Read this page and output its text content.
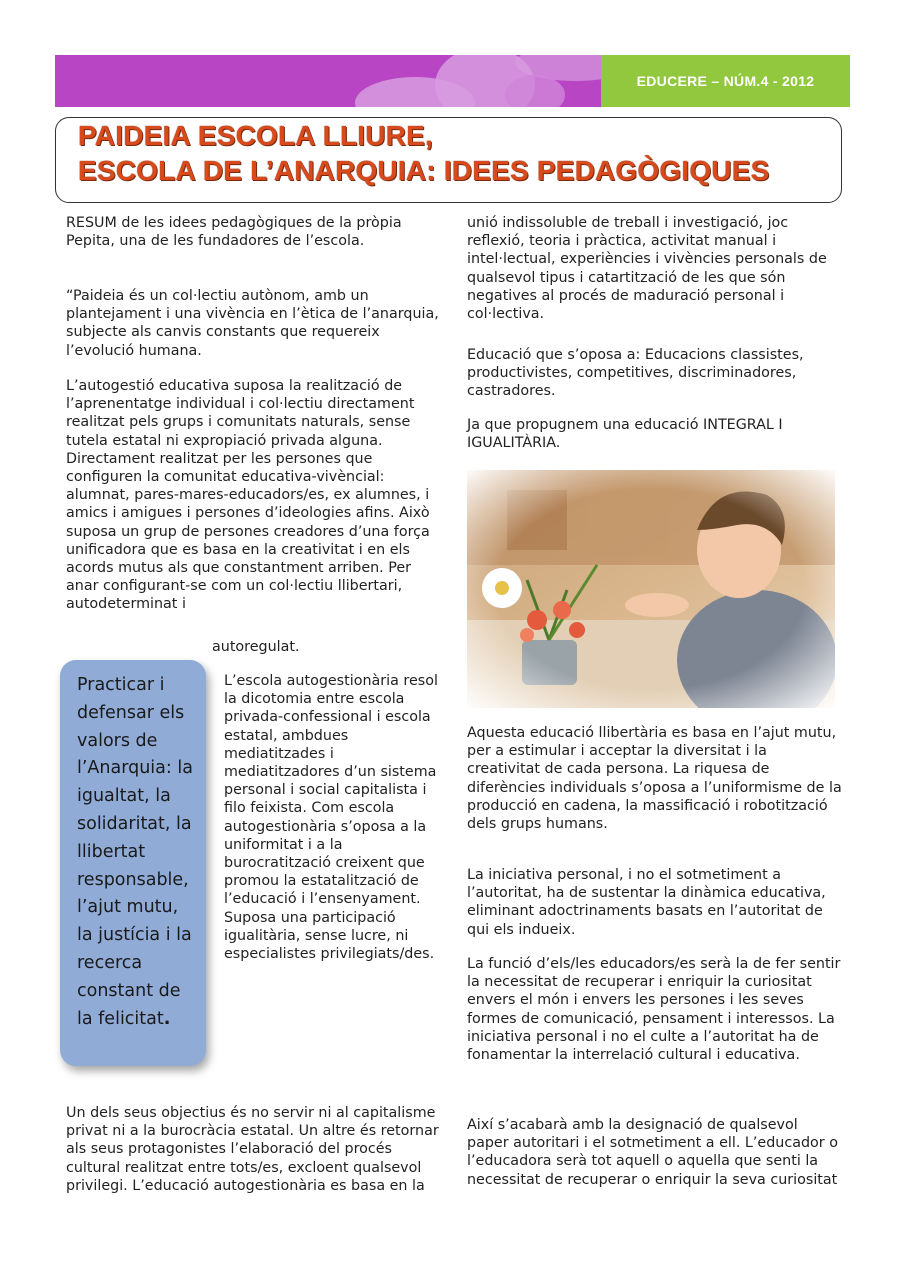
EDUCERE – NÚM.4 - 2012
PAIDEIA ESCOLA LLIURE,
ESCOLA DE L’ANARQUIA: IDEES PEDAGÒGIQUES

RESUM de les idees pedagògiques de la pròpia Pepita, una de les fundadores de l’escola.

“Paideia és un col·lectiu autònom, amb un plantejament i una vivència en l’ètica de l’anarquia, subjecte als canvis constants que requereix l’evolució humana.

L’autogestió educativa suposa la realització de l’aprenentatge individual i col·lectiu directament realitzat pels grups i comunitats naturals, sense tutela estatal ni expropiació privada alguna. Directament realitzat per les persones que configuren la comunitat educativa-vivèncial: alumnat, pares-mares-educadors/es, ex alumnes, i amics i amigues i persones d’ideologies afins. Això suposa un grup de persones creadores d’una força unificadora que es basa en la creativitat i en els acords mutus als que constantment arriben. Per anar configurant-se com un col·lectiu llibertari, autodeterminat i

autoregulat.

Practicar i defensar els valors de l’Anarquia: la igualtat, la solidaritat, la llibertat responsable, l’ajut mutu, la justícia i la recerca constant de la felicitat.

L’escola autogestionària resol la dicotomia entre escola privada-confessional i escola estatal, ambdues mediatitzades i mediatitzadores d’un sistema personal i social capitalista i filo feixista. Com escola autogestionària s’oposa a la uniformitat i a la burocratització creixent que promou la estatalització de l’educació i l’ensenyament. Suposa una participació igualitària, sense lucre, ni especialistes privilegiats/des.

Un dels seus objectius és no servir ni al capitalisme privat ni a la burocràcia estatal. Un altre és retornar als seus protagonistes l’elaboració del procés cultural realitzat entre tots/es, excloent qualsevol privilegi. L’educació autogestionària es basa en la

unió indissoluble de treball i investigació, joc reflexió, teoria i pràctica, activitat manual i intel·lectual, experiències i vivències personals de qualsevol tipus i catartització de les que són negatives al procés de maduració personal i col·lectiva.

Educació que s’oposa a: Educacions classistes, productivistes, competitives, discriminadores, castradores.

Ja que propugnem una educació INTEGRAL I IGUALITÀRIA.

Aquesta educació llibertària es basa en l’ajut mutu, per a estimular i acceptar la diversitat i la creativitat de cada persona. La riquesa de diferències individuals s’oposa a l’uniformisme de la producció en cadena, la massificació i robotització dels grups humans.

La iniciativa personal, i no el sotmetiment a l’autoritat, ha de sustentar la dinàmica educativa, eliminant adoctrinaments basats en l’autoritat de qui els indueix.

La funció d’els/les educadors/es serà la de fer sentir la necessitat de recuperar i enriquir la curiositat envers el món i envers les persones i les seves formes de comunicació, pensament i interessos. La iniciativa personal i no el culte a l’autoritat ha de fonamentar la interrelació cultural i educativa.

Així s’acabarà amb la designació de qualsevol paper autoritari i el sotmetiment a ell. L’educador o l’educadora serà tot aquell o aquella que senti la necessitat de recuperar o enriquir la seva curiositat
